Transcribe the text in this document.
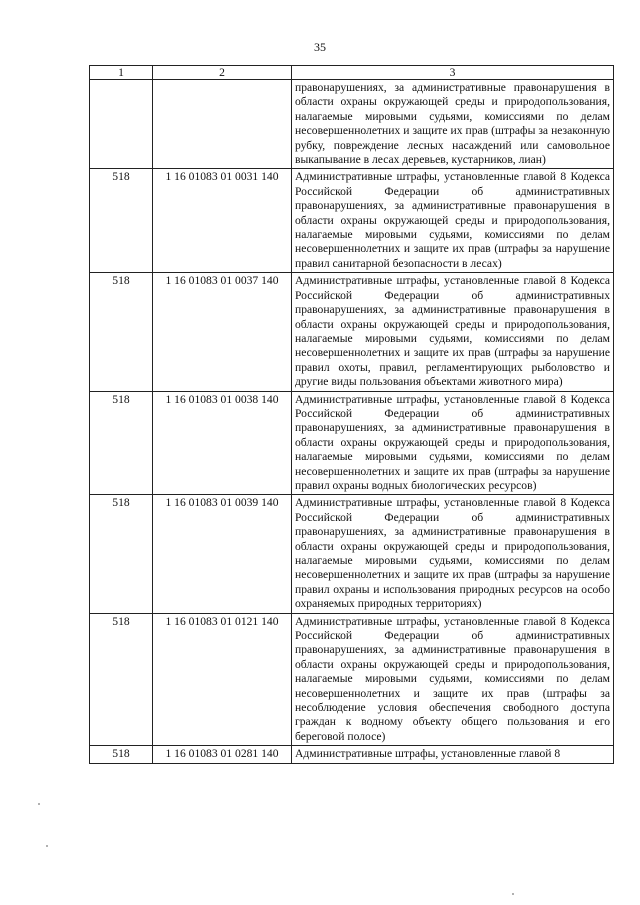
35
1	2	3
		правонарушениях, за административные правонарушения в области охраны окружающей среды и природопользования, налагаемые мировыми судьями, комиссиями по делам несовершеннолетних и защите их прав (штрафы за незаконную рубку, повреждение лесных насаждений или самовольное выкапывание в лесах деревьев, кустарников, лиан)
518	1 16 01083 01 0031 140	Административные штрафы, установленные главой 8 Кодекса Российской Федерации об административных правонарушениях, за административные правонарушения в области охраны окружающей среды и природопользования, налагаемые мировыми судьями, комиссиями по делам несовершеннолетних и защите их прав (штрафы за нарушение правил санитарной безопасности в лесах)
518	1 16 01083 01 0037 140	Административные штрафы, установленные главой 8 Кодекса Российской Федерации об административных правонарушениях, за административные правонарушения в области охраны окружающей среды и природопользования, налагаемые мировыми судьями, комиссиями по делам несовершеннолетних и защите их прав (штрафы за нарушение правил охоты, правил, регламентирующих рыболовство и другие виды пользования объектами животного мира)
518	1 16 01083 01 0038 140	Административные штрафы, установленные главой 8 Кодекса Российской Федерации об административных правонарушениях, за административные правонарушения в области охраны окружающей среды и природопользования, налагаемые мировыми судьями, комиссиями по делам несовершеннолетних и защите их прав (штрафы за нарушение правил охраны водных биологических ресурсов)
518	1 16 01083 01 0039 140	Административные штрафы, установленные главой 8 Кодекса Российской Федерации об административных правонарушениях, за административные правонарушения в области охраны окружающей среды и природопользования, налагаемые мировыми судьями, комиссиями по делам несовершеннолетних и защите их прав (штрафы за нарушение правил охраны и использования природных ресурсов на особо охраняемых природных территориях)
518	1 16 01083 01 0121 140	Административные штрафы, установленные главой 8 Кодекса Российской Федерации об административных правонарушениях, за административные правонарушения в области охраны окружающей среды и природопользования, налагаемые мировыми судьями, комиссиями по делам несовершеннолетних и защите их прав (штрафы за несоблюдение условия обеспечения свободного доступа граждан к водному объекту общего пользования и его береговой полосе)
518	1 16 01083 01 0281 140	Административные штрафы, установленные главой 8
